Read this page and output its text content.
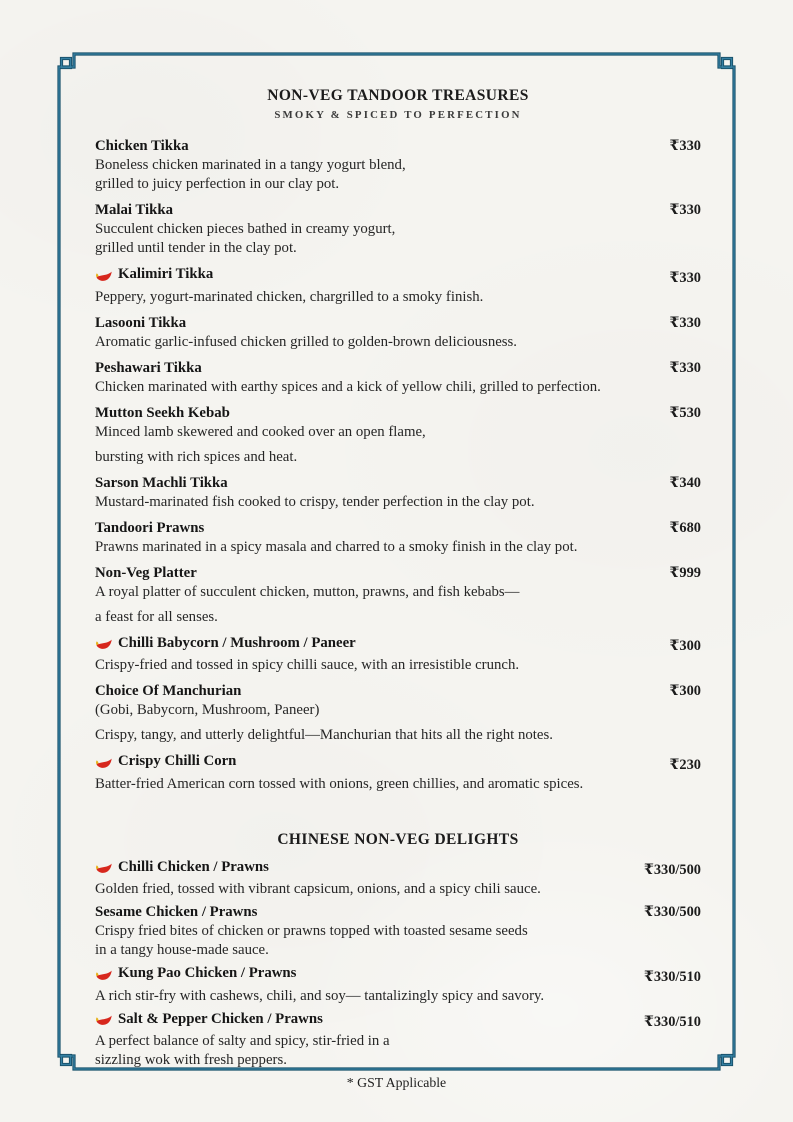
NON-VEG TANDOOR TREASURES
SMOKY & SPICED TO PERFECTION
Chicken Tikka	₹330
Boneless chicken marinated in a tangy yogurt blend,
grilled to juicy perfection in our clay pot.
Malai Tikka	₹330
Succulent chicken pieces bathed in creamy yogurt,
grilled until tender in the clay pot.
Kalimiri Tikka	₹330
Peppery, yogurt-marinated chicken, chargrilled to a smoky finish.
Lasooni Tikka	₹330
Aromatic garlic-infused chicken grilled to golden-brown deliciousness.
Peshawari Tikka	₹330
Chicken marinated with earthy spices and a kick of yellow chili, grilled to perfection.
Mutton Seekh Kebab	₹530
Minced lamb skewered and cooked over an open flame,
bursting with rich spices and heat.
Sarson Machli Tikka	₹340
Mustard-marinated fish cooked to crispy, tender perfection in the clay pot.
Tandoori Prawns	₹680
Prawns marinated in a spicy masala and charred to a smoky finish in the clay pot.
Non-Veg Platter	₹999
A royal platter of succulent chicken, mutton, prawns, and fish kebabs—
a feast for all senses.
Chilli Babycorn / Mushroom / Paneer	₹300
Crispy-fried and tossed in spicy chilli sauce, with an irresistible crunch.
Choice Of Manchurian	₹300
(Gobi, Babycorn, Mushroom, Paneer)
Crispy, tangy, and utterly delightful—Manchurian that hits all the right notes.
Crispy Chilli Corn	₹230
Batter-fried American corn tossed with onions, green chillies, and aromatic spices.
CHINESE NON-VEG DELIGHTS
Chilli Chicken / Prawns	₹330/500
Golden fried, tossed with vibrant capsicum, onions, and a spicy chili sauce.
Sesame Chicken / Prawns	₹330/500
Crispy fried bites of chicken or prawns topped with toasted sesame seeds
in a tangy house-made sauce.
Kung Pao Chicken / Prawns	₹330/510
A rich stir-fry with cashews, chili, and soy— tantalizingly spicy and savory.
Salt & Pepper Chicken / Prawns	₹330/510
A perfect balance of salty and spicy, stir-fried in a
sizzling wok with fresh peppers.
* GST Applicable
